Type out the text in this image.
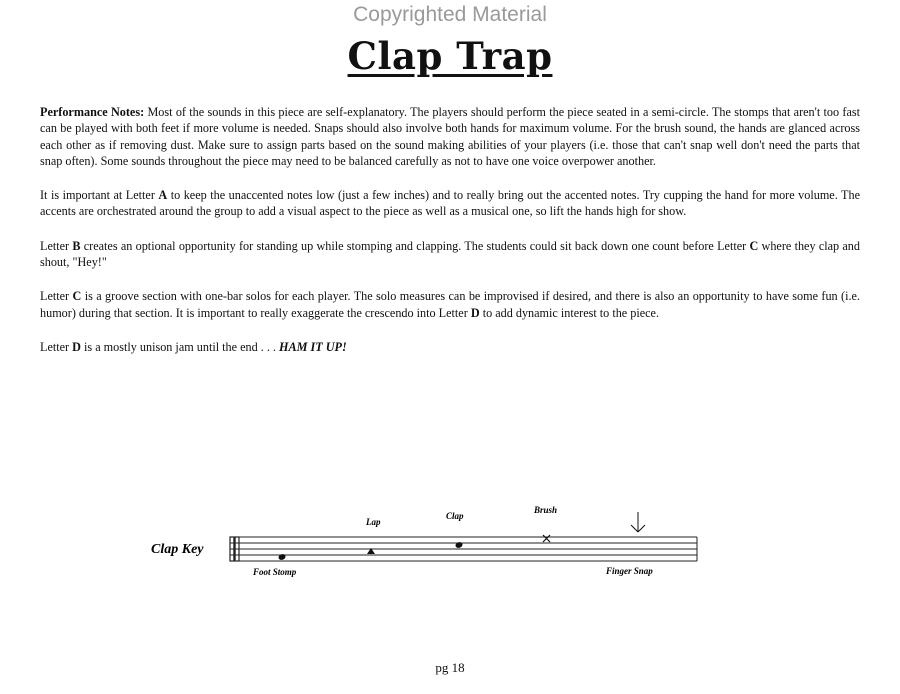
Copyrighted Material
Clap Trap

Performance Notes: Most of the sounds in this piece are self-explanatory. The players should perform the piece seated in a semi-circle. The stomps that aren't too fast can be played with both feet if more volume is needed. Snaps should also involve both hands for maximum volume. For the brush sound, the hands are glanced across each other as if removing dust. Make sure to assign parts based on the sound making abilities of your players (i.e. those that can't snap well don't need the parts that snap often). Some sounds throughout the piece may need to be balanced carefully as not to have one voice overpower another.

It is important at Letter A to keep the unaccented notes low (just a few inches) and to really bring out the accented notes. Try cupping the hand for more volume. The accents are orchestrated around the group to add a visual aspect to the piece as well as a musical one, so lift the hands high for show.

Letter B creates an optional opportunity for standing up while stomping and clapping. The students could sit back down one count before Letter C where they clap and shout, "Hey!"

Letter C is a groove section with one-bar solos for each player. The solo measures can be improvised if desired, and there is also an opportunity to have some fun (i.e. humor) during that section. It is important to really exaggerate the crescendo into Letter D to add dynamic interest to the piece.

Letter D is a mostly unison jam until the end . . . HAM IT UP!

Clap Key
Foot Stomp
Lap
Clap
Brush
Finger Snap
pg 18
